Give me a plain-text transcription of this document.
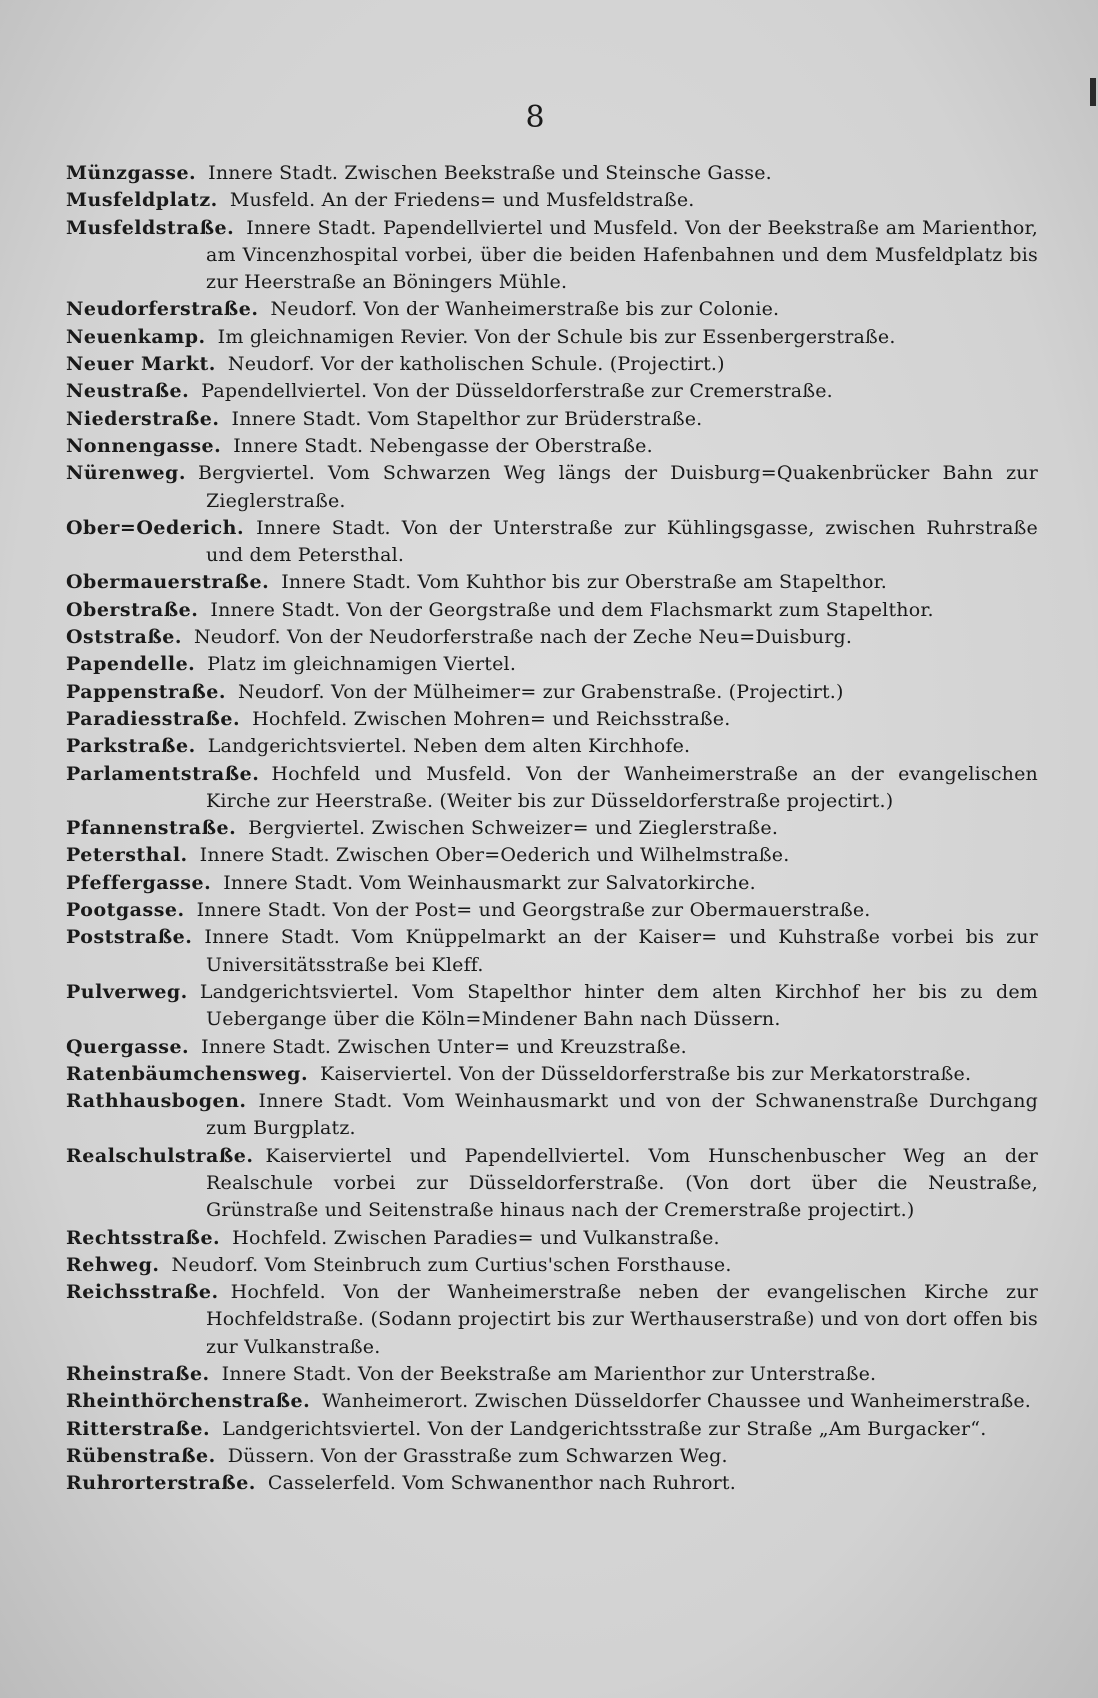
8
Münzgasse. Innere Stadt. Zwischen Beekstraße und Steinsche Gasse.
Musfeldplatz. Musfeld. An der Friedens= und Musfeldstraße.
Musfeldstraße. Innere Stadt. Papendellviertel und Musfeld. Von der Beekstraße am Marienthor, am Vincenzhospital vorbei, über die beiden Hafenbahnen und dem Musfeldplatz bis zur Heerstraße an Böningers Mühle.
Neudorferstraße. Neudorf. Von der Wanheimerstraße bis zur Colonie.
Neuenkamp. Im gleichnamigen Revier. Von der Schule bis zur Essenbergerstraße.
Neuer Markt. Neudorf. Vor der katholischen Schule. (Projectirt.)
Neustraße. Papendellviertel. Von der Düsseldorferstraße zur Cremerstraße.
Niederstraße. Innere Stadt. Vom Stapelthor zur Brüderstraße.
Nonnengasse. Innere Stadt. Nebengasse der Oberstraße.
Nürenweg. Bergviertel. Vom Schwarzen Weg längs der Duisburg=Quakenbrücker Bahn zur Zieglerstraße.
Ober=Oederich. Innere Stadt. Von der Unterstraße zur Kühlingsgasse, zwischen Ruhrstraße und dem Petersthal.
Obermauerstraße. Innere Stadt. Vom Kuhthor bis zur Oberstraße am Stapelthor.
Oberstraße. Innere Stadt. Von der Georgstraße und dem Flachsmarkt zum Stapelthor.
Oststraße. Neudorf. Von der Neudorferstraße nach der Zeche Neu=Duisburg.
Papendelle. Platz im gleichnamigen Viertel.
Pappenstraße. Neudorf. Von der Mülheimer= zur Grabenstraße. (Projectirt.)
Paradiesstraße. Hochfeld. Zwischen Mohren= und Reichsstraße.
Parkstraße. Landgerichtsviertel. Neben dem alten Kirchhofe.
Parlamentstraße. Hochfeld und Musfeld. Von der Wanheimerstraße an der evangelischen Kirche zur Heerstraße. (Weiter bis zur Düsseldorferstraße projectirt.)
Pfannenstraße. Bergviertel. Zwischen Schweizer= und Zieglerstraße.
Petersthal. Innere Stadt. Zwischen Ober=Oederich und Wilhelmstraße.
Pfeffergasse. Innere Stadt. Vom Weinhausmarkt zur Salvatorkirche.
Pootgasse. Innere Stadt. Von der Post= und Georgstraße zur Obermauerstraße.
Poststraße. Innere Stadt. Vom Knüppelmarkt an der Kaiser= und Kuhstraße vorbei bis zur Universitätsstraße bei Kleff.
Pulverweg. Landgerichtsviertel. Vom Stapelthor hinter dem alten Kirchhof her bis zu dem Uebergange über die Köln=Mindener Bahn nach Düssern.
Quergasse. Innere Stadt. Zwischen Unter= und Kreuzstraße.
Ratenbäumchensweg. Kaiserviertel. Von der Düsseldorferstraße bis zur Merkatorstraße.
Rathhausbogen. Innere Stadt. Vom Weinhausmarkt und von der Schwanenstraße Durchgang zum Burgplatz.
Realschulstraße. Kaiserviertel und Papendellviertel. Vom Hunschenbuscher Weg an der Realschule vorbei zur Düsseldorferstraße. (Von dort über die Neustraße, Grünstraße und Seitenstraße hinaus nach der Cremerstraße projectirt.)
Rechtsstraße. Hochfeld. Zwischen Paradies= und Vulkanstraße.
Rehweg. Neudorf. Vom Steinbruch zum Curtius'schen Forsthause.
Reichsstraße. Hochfeld. Von der Wanheimerstraße neben der evangelischen Kirche zur Hochfeldstraße. (Sodann projectirt bis zur Werthauserstraße) und von dort offen bis zur Vulkanstraße.
Rheinstraße. Innere Stadt. Von der Beekstraße am Marienthor zur Unterstraße.
Rheinthörchenstraße. Wanheimerort. Zwischen Düsseldorfer Chaussee und Wanheimerstraße.
Ritterstraße. Landgerichtsviertel. Von der Landgerichtsstraße zur Straße „Am Burgacker“.
Rübenstraße. Düssern. Von der Grasstraße zum Schwarzen Weg.
Ruhrorterstraße. Casselerfeld. Vom Schwanenthor nach Ruhrort.
